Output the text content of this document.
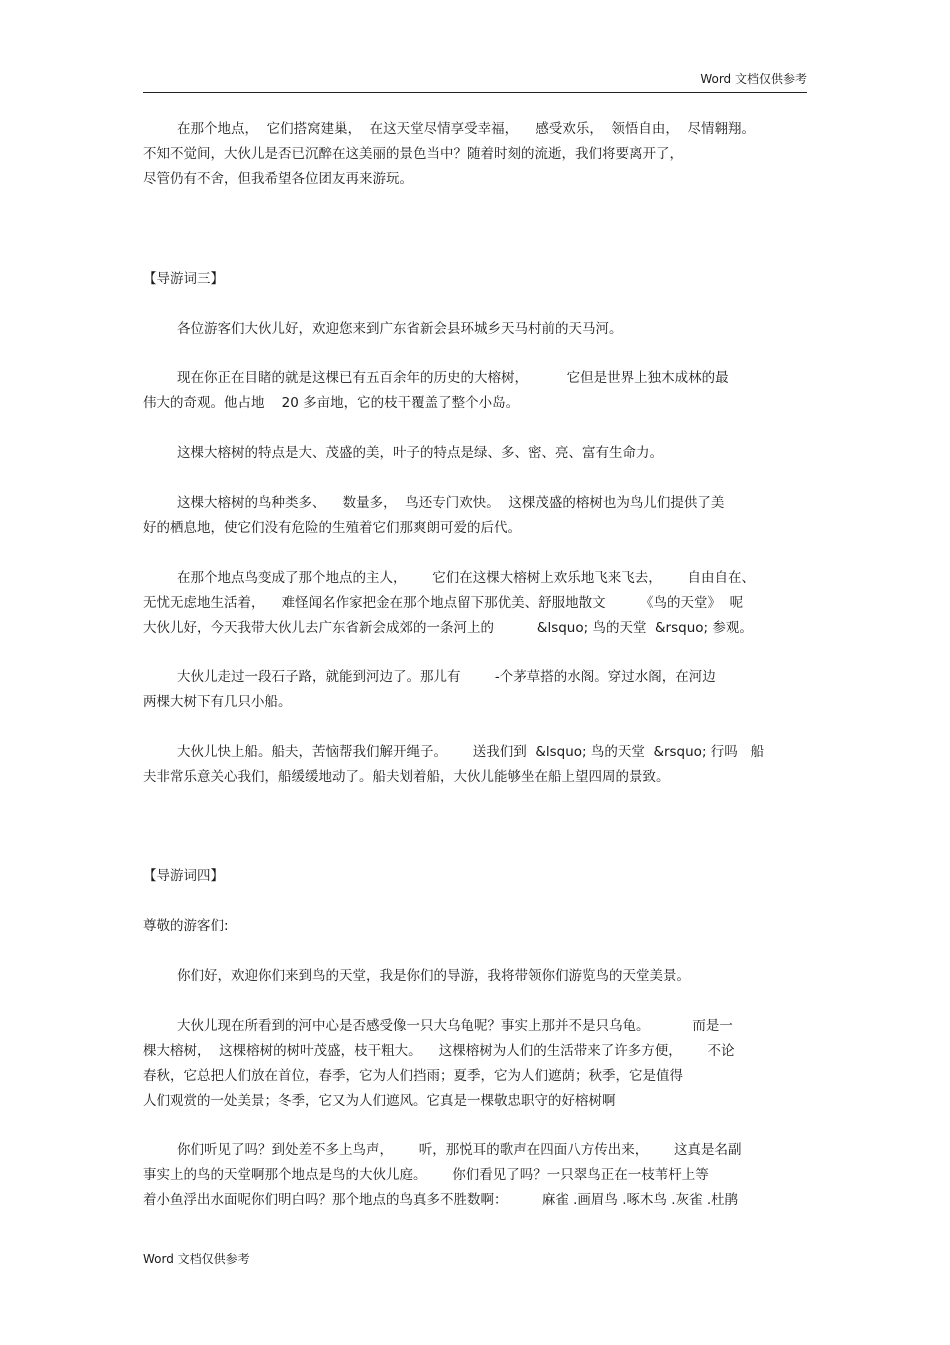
Word 文档仅供参考
在那个地点，  它们搭窝建巢，  在这天堂尽情享受幸福，    感受欢乐，  领悟自由，  尽情翱翔。
不知不觉间，大伙儿是否已沉醉在这美丽的景色当中？随着时刻的流逝，我们将要离开了，
尽管仍有不舍，但我希望各位团友再来游玩。
【导游词三】
各位游客们大伙儿好，欢迎您来到广东省新会县环城乡天马村前的天马河。
现在你正在目睹的就是这棵已有五百余年的历史的大榕树，         它但是世界上独木成林的最
伟大的奇观。他占地    20 多亩地，它的枝干覆盖了整个小岛。
这棵大榕树的特点是大、茂盛的美，叶子的特点是绿、多、密、亮、富有生命力。
这棵大榕树的鸟种类多、    数量多，  鸟还专门欢快。  这棵茂盛的榕树也为鸟儿们提供了美
好的栖息地，使它们没有危险的生殖着它们那爽朗可爱的后代。
在那个地点鸟变成了那个地点的主人，      它们在这棵大榕树上欢乐地飞来飞去，      自由自在、
无忧无虑地生活着，    难怪闻名作家把金在那个地点留下那优美、舒服地散文        《鸟的天堂》  呢
大伙儿好，今天我带大伙儿去广东省新会成郊的一条河上的          &lsquo; 鸟的天堂  &rsquo; 参观。
大伙儿走过一段石子路，就能到河边了。那儿有        -个茅草搭的水阁。穿过水阁，在河边
两棵大树下有几只小船。
大伙儿快上船。船夫，苦恼帮我们解开绳子。      送我们到  &lsquo; 鸟的天堂  &rsquo; 行吗   船
夫非常乐意关心我们，船缓缓地动了。船夫划着船，大伙儿能够坐在船上望四周的景致。
【导游词四】
尊敬的游客们:
你们好，欢迎你们来到鸟的天堂，我是你们的导游，我将带领你们游览鸟的天堂美景。
大伙儿现在所看到的河中心是否感受像一只大乌龟呢？事实上那并不是只乌龟。          而是一
棵大榕树，  这棵榕树的树叶茂盛，枝干粗大。    这棵榕树为人们的生活带来了许多方便，      不论
春秋，它总把人们放在首位，春季，它为人们挡雨；夏季，它为人们遮荫；秋季，它是值得
人们观赏的一处美景；冬季，它又为人们遮风。它真是一棵敬忠职守的好榕树啊
你们听见了吗？到处差不多上鸟声，      听，那悦耳的歌声在四面八方传出来，      这真是名副
事实上的鸟的天堂啊那个地点是鸟的大伙儿庭。      你们看见了吗？一只翠鸟正在一枝苇杆上等
着小鱼浮出水面呢你们明白吗？那个地点的鸟真多不胜数啊：        麻雀 .画眉鸟 .啄木鸟 .灰雀 .杜鹃
Word 文档仅供参考
